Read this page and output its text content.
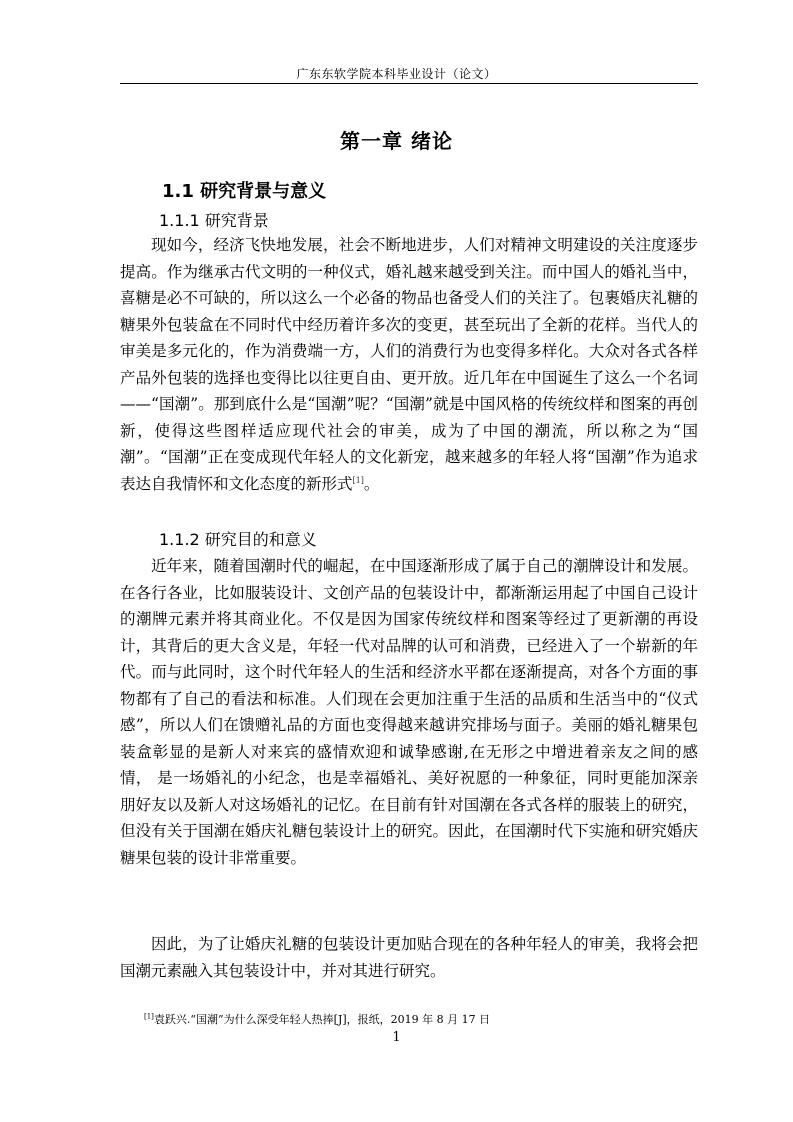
广东东软学院本科毕业设计（论文）
第一章 绪论
1.1 研究背景与意义
1.1.1 研究背景

现如今，经济飞快地发展，社会不断地进步，人们对精神文明建设的关注度逐步提高。作为继承古代文明的一种仪式，婚礼越来越受到关注。而中国人的婚礼当中，喜糖是必不可缺的，所以这么一个必备的物品也备受人们的关注了。包裹婚庆礼糖的糖果外包装盒在不同时代中经历着许多次的变更，甚至玩出了全新的花样。当代人的审美是多元化的，作为消费端一方，人们的消费行为也变得多样化。大众对各式各样产品外包装的选择也变得比以往更自由、更开放。近几年在中国诞生了这么一个名词——“国潮”。那到底什么是“国潮”呢？“国潮”就是中国风格的传统纹样和图案的再创新，使得这些图样适应现代社会的审美，成为了中国的潮流，所以称之为“国潮”。“国潮”正在变成现代年轻人的文化新宠，越来越多的年轻人将“国潮”作为追求表达自我情怀和文化态度的新形式[1]。

1.1.2 研究目的和意义

近年来，随着国潮时代的崛起，在中国逐渐形成了属于自己的潮牌设计和发展。在各行各业，比如服装设计、文创产品的包装设计中，都渐渐运用起了中国自己设计的潮牌元素并将其商业化。不仅是因为国家传统纹样和图案等经过了更新潮的再设计，其背后的更大含义是，年轻一代对品牌的认可和消费，已经进入了一个崭新的年代。而与此同时，这个时代年轻人的生活和经济水平都在逐渐提高，对各个方面的事物都有了自己的看法和标准。人们现在会更加注重于生活的品质和生活当中的“仪式感”，所以人们在馈赠礼品的方面也变得越来越讲究排场与面子。美丽的婚礼糖果包装盒彰显的是新人对来宾的盛情欢迎和诚挚感谢,在无形之中增进着亲友之间的感情， 是一场婚礼的小纪念，也是幸福婚礼、美好祝愿的一种象征，同时更能加深亲朋好友以及新人对这场婚礼的记忆。在目前有针对国潮在各式各样的服装上的研究，但没有关于国潮在婚庆礼糖包装设计上的研究。因此，在国潮时代下实施和研究婚庆糖果包装的设计非常重要。

因此，为了让婚庆礼糖的包装设计更加贴合现在的各种年轻人的审美，我将会把国潮元素融入其包装设计中，并对其进行研究。

[1]袁跃兴.“国潮”为什么深受年轻人热捧[J]，报纸，2019 年 8 月 17 日
1
